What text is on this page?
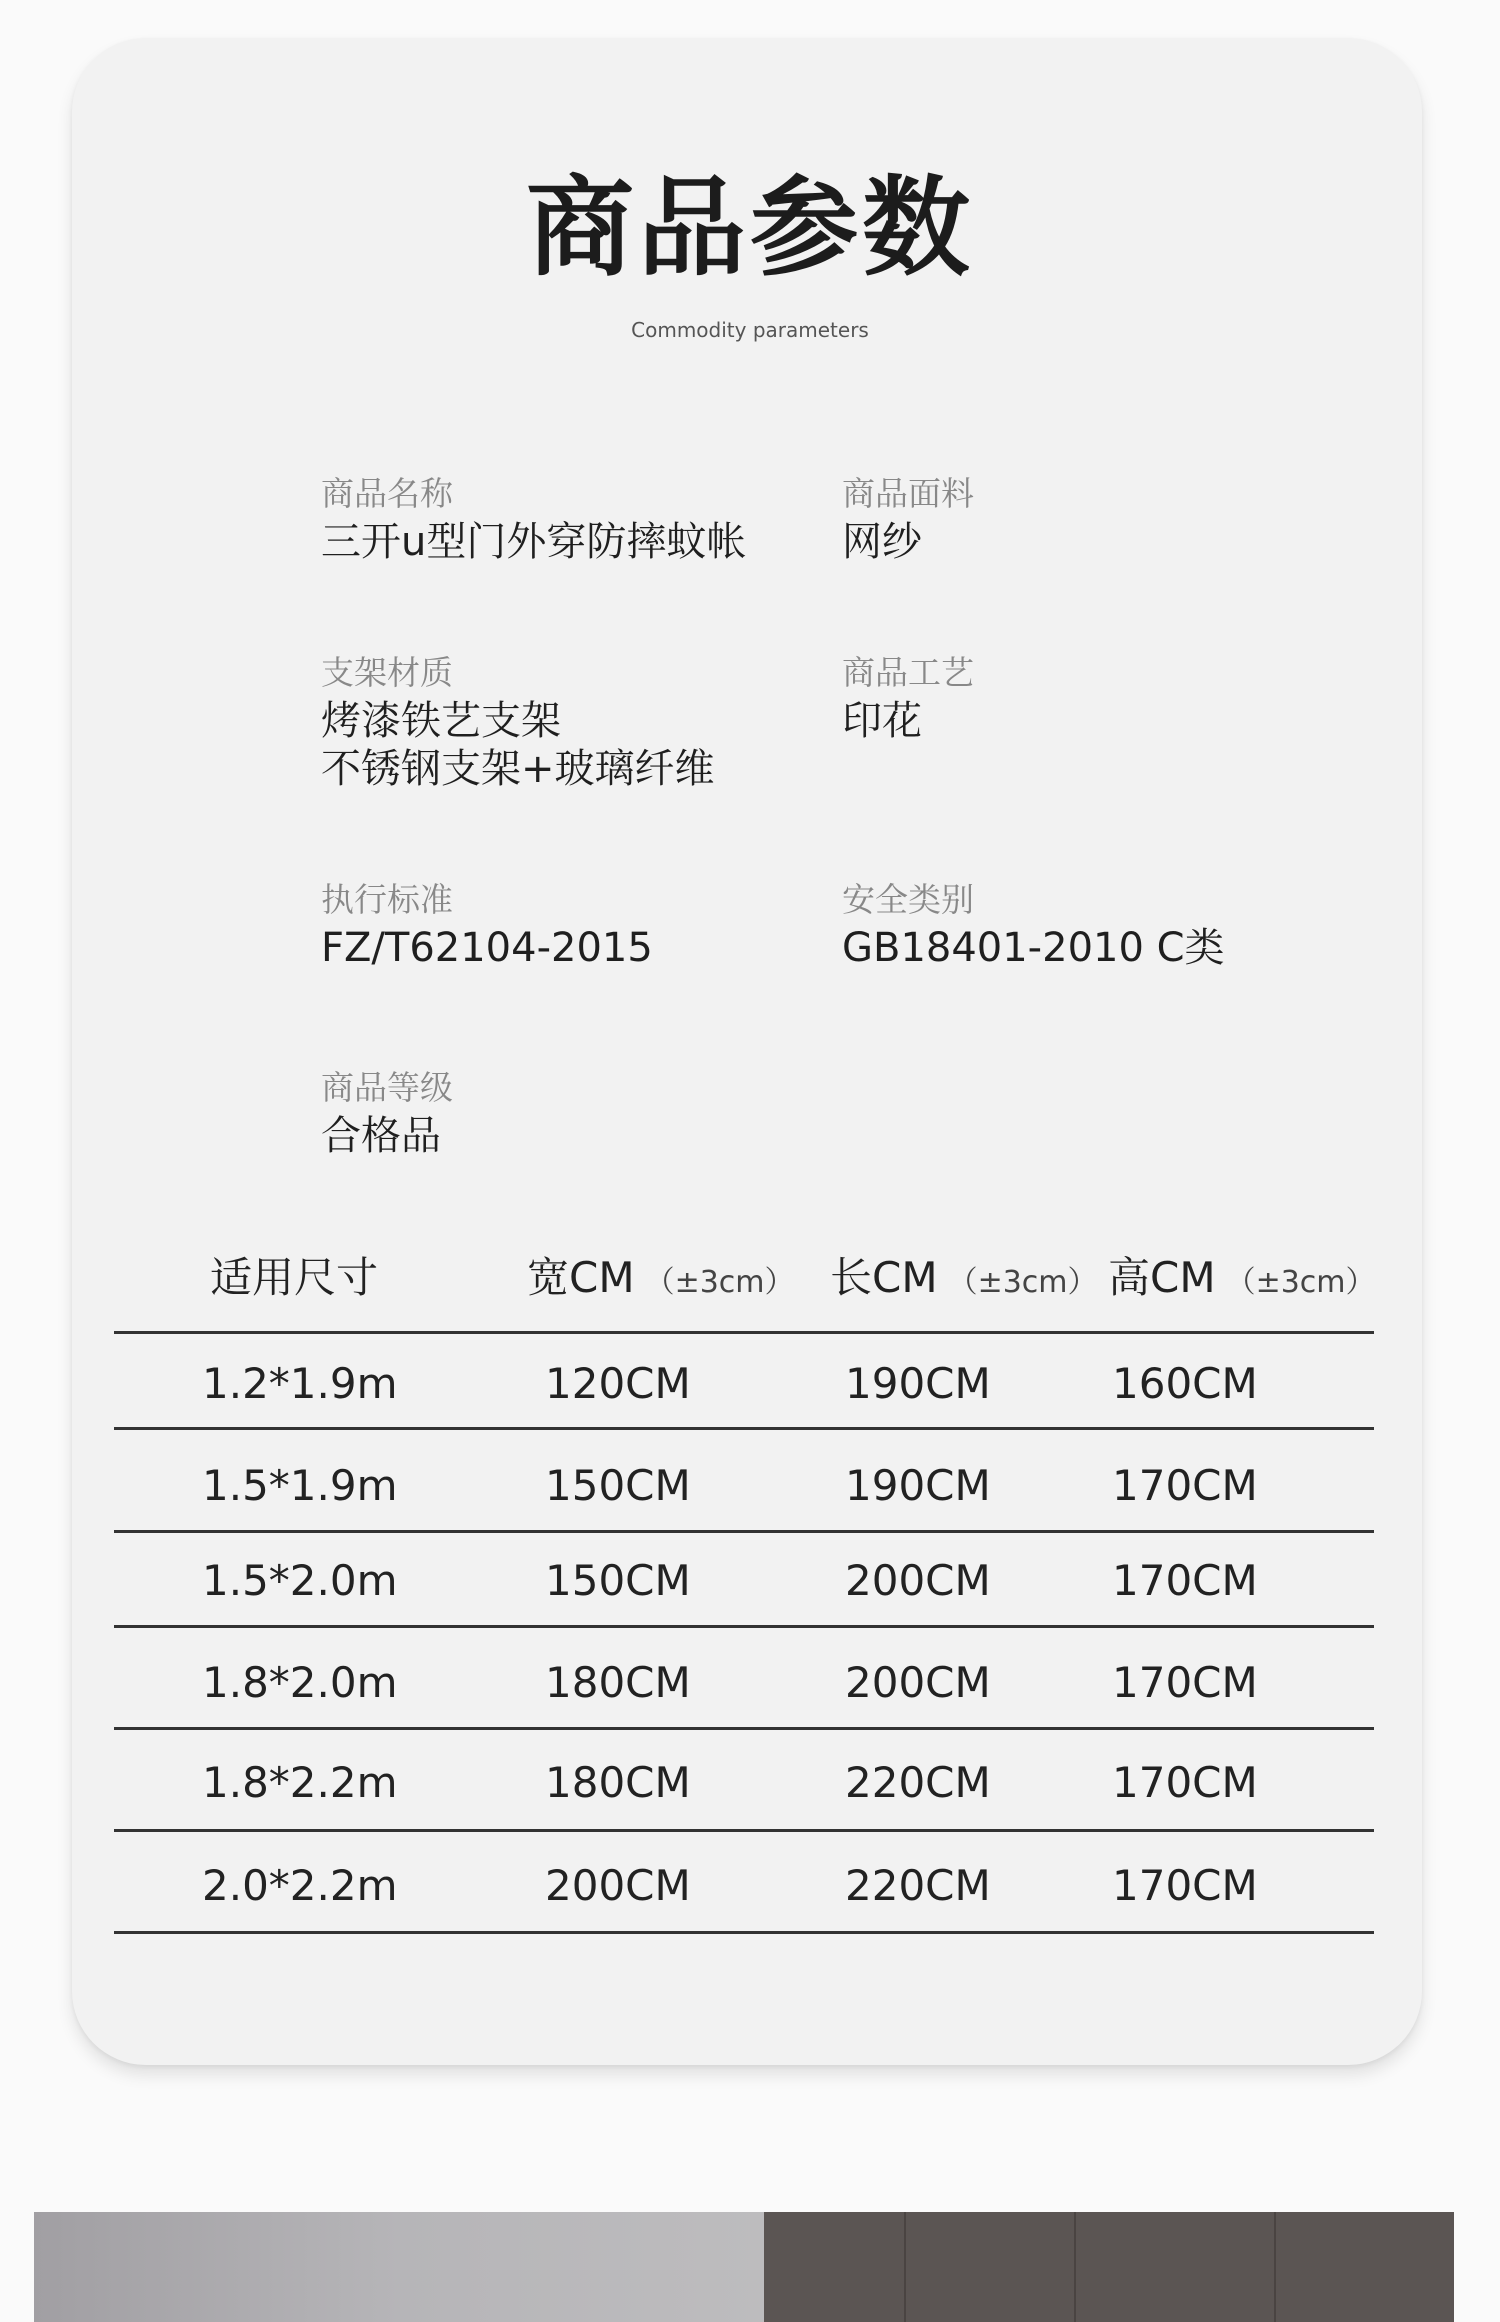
商品参数
Commodity parameters
商品名称
三开u型门外穿防摔蚊帐
商品面料
网纱
支架材质
烤漆铁艺支架
不锈钢支架+玻璃纤维
商品工艺
印花
执行标准
FZ/T62104-2015
安全类别
GB18401-2010 C类
商品等级
合格品
适用尺寸	宽CM （±3cm） 长CM （±3cm） 高CM （±3cm）
1.2*1.9m	120CM	190CM	160CM
1.5*1.9m	150CM	190CM	170CM
1.5*2.0m	150CM	200CM	170CM
1.8*2.0m	180CM	200CM	170CM
1.8*2.2m	180CM	220CM	170CM
2.0*2.2m	200CM	220CM	170CM
